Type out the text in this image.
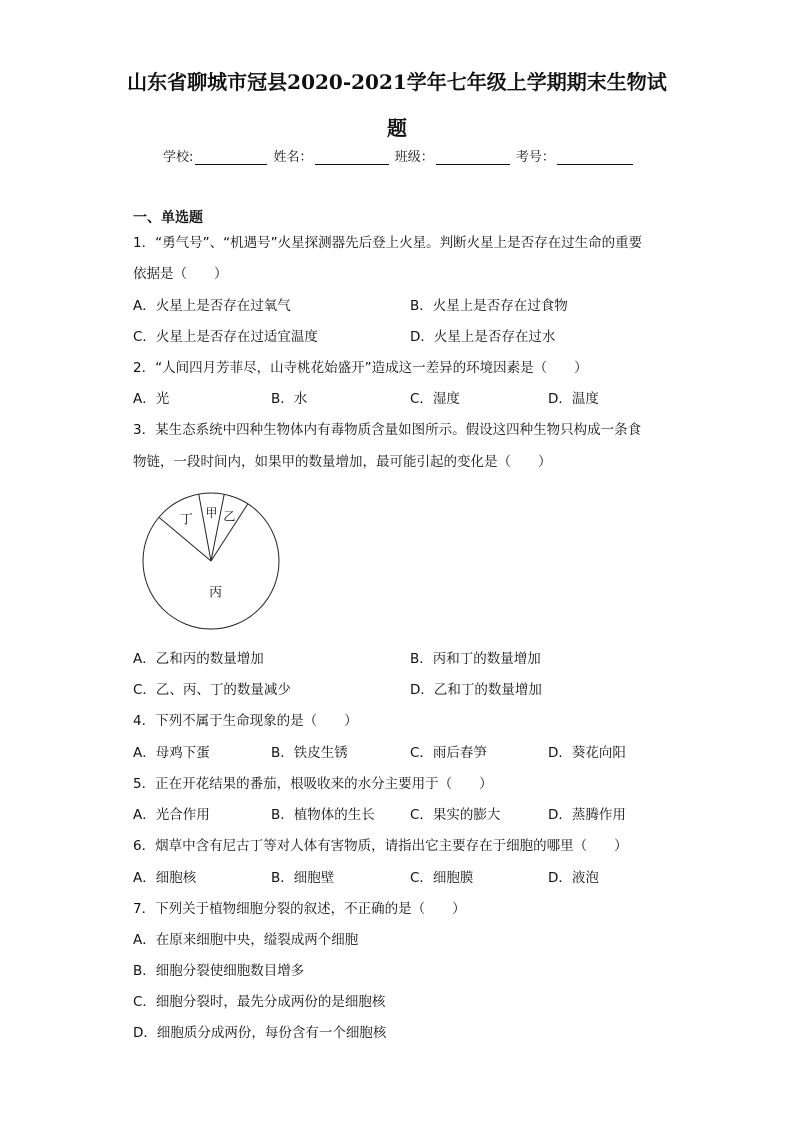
山东省聊城市冠县2020-2021学年七年级上学期期末生物试
题
学校:	姓名：	班级：	考号：
一、单选题
1．“勇气号”、“机遇号”火星探测器先后登上火星。判断火星上是否存在过生命的重要
依据是（　　）
A．火星上是否存在过氧气	B．火星上是否存在过食物
C．火星上是否存在过适宜温度	D．火星上是否存在过水
2．“人间四月芳菲尽，山寺桃花始盛开”造成这一差异的环境因素是（　　）
A．光	B．水	C．湿度	D．温度
3．某生态系统中四种生物体内有毒物质含量如图所示。假设这四种生物只构成一条食
物链，一段时间内，如果甲的数量增加，最可能引起的变化是（　　）
丁 甲 乙
丙
A．乙和丙的数量增加	B．丙和丁的数量增加
C．乙、丙、丁的数量减少	D．乙和丁的数量增加
4．下列不属于生命现象的是（　　）
A．母鸡下蛋	B．铁皮生锈	C．雨后春笋	D．葵花向阳
5．正在开花结果的番茄，根吸收来的水分主要用于（　　）
A．光合作用	B．植物体的生长	C．果实的膨大	D．蒸腾作用
6．烟草中含有尼古丁等对人体有害物质，请指出它主要存在于细胞的哪里（　　）
A．细胞核	B．细胞壁	C．细胞膜	D．液泡
7．下列关于植物细胞分裂的叙述，不正确的是（　　）
A．在原来细胞中央，缢裂成两个细胞
B．细胞分裂使细胞数目增多
C．细胞分裂时，最先分成两份的是细胞核
D．细胞质分成两份，每份含有一个细胞核
